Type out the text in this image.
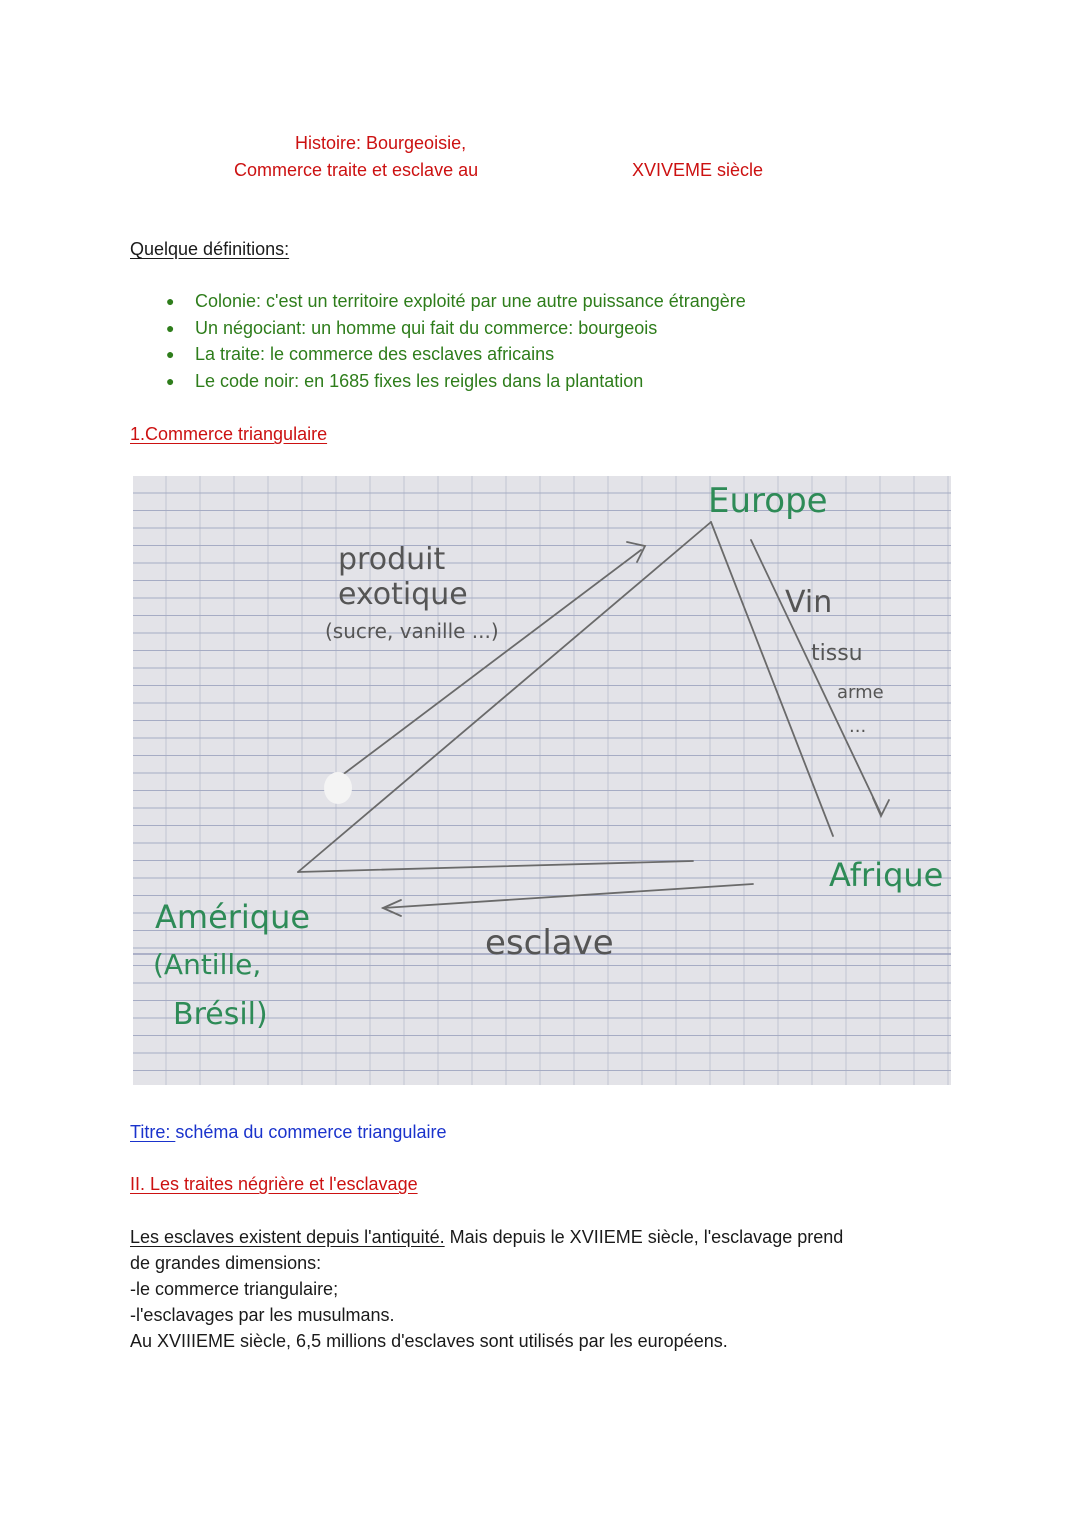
Histoire: Bourgeoisie,
Commerce traite et esclave au	XVIVEME siècle
Quelque définitions:
● Colonie: c'est un territoire exploité par une autre puissance étrangère
● Un négociant: un homme qui fait du commerce: bourgeois
● La traite: le commerce des esclaves africains
● Le code noir: en 1685 fixes les reigles dans la plantation
1.Commerce triangulaire
Europe
Afrique
Amérique
(Antille,
Brésil)
produit
exotique
(sucre, vanille ...)
Vin
tissu
arme
...
esclave
Titre: schéma du commerce triangulaire
II. Les traites négrière et l'esclavage
Les esclaves existent depuis l'antiquité. Mais depuis le XVIIEME siècle, l'esclavage prend
de grandes dimensions:
-le commerce triangulaire;
-l'esclavages par les musulmans.
Au XVIIIEME siècle, 6,5 millions d'esclaves sont utilisés par les européens.
